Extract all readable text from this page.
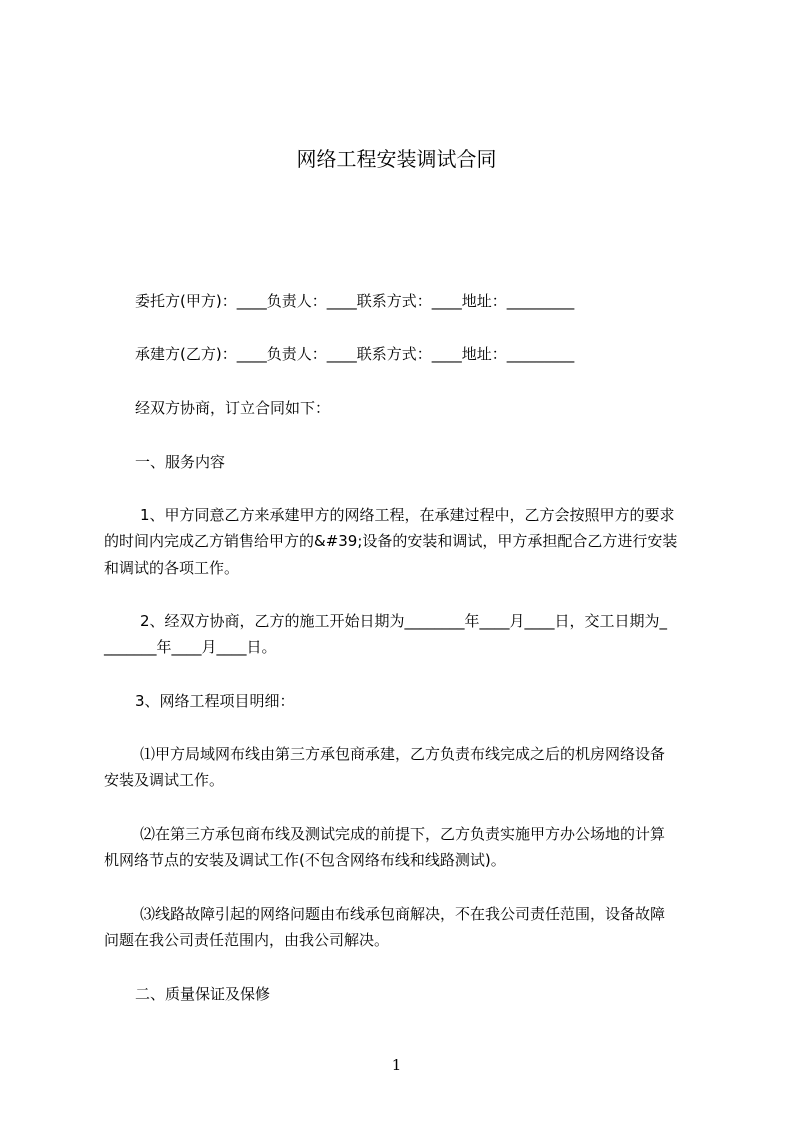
网络工程安装调试合同
委托方(甲方)：____负责人：____联系方式：____地址：_________
承建方(乙方)：____负责人：____联系方式：____地址：_________
经双方协商，订立合同如下：
一、服务内容
1、甲方同意乙方来承建甲方的网络工程，在承建过程中，乙方会按照甲方的要求
的时间内完成乙方销售给甲方的&#39;设备的安装和调试，甲方承担配合乙方进行安装
和调试的各项工作。
2、经双方协商，乙方的施工开始日期为________年____月____日，交工日期为_
_______年____月____日。
3、网络工程项目明细：
⑴甲方局域网布线由第三方承包商承建，乙方负责布线完成之后的机房网络设备
安装及调试工作。
⑵在第三方承包商布线及测试完成的前提下，乙方负责实施甲方办公场地的计算
机网络节点的安装及调试工作(不包含网络布线和线路测试)。
⑶线路故障引起的网络问题由布线承包商解决，不在我公司责任范围，设备故障
问题在我公司责任范围内，由我公司解决。
二、质量保证及保修
1
